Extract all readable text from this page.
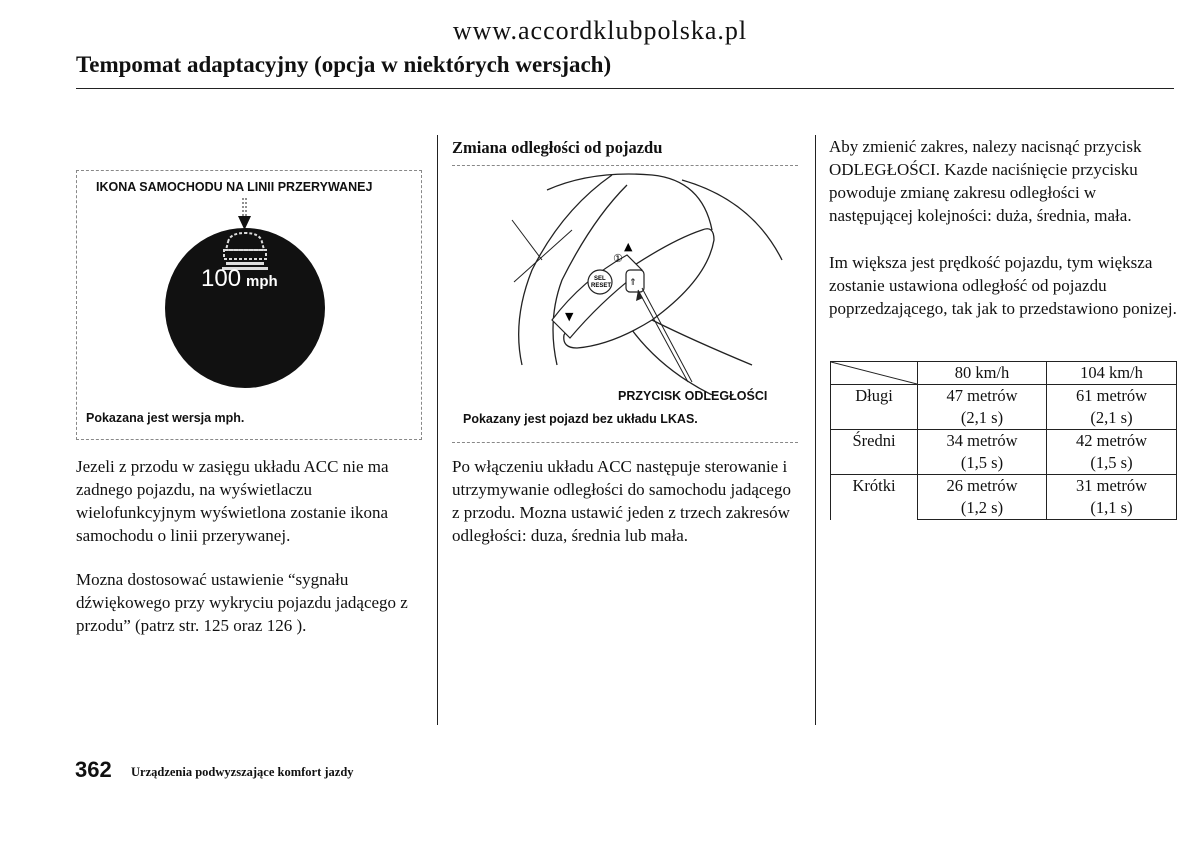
www.accordklubpolska.pl
Tempomat adaptacyjny (opcja w niektórych wersjach)
IKONA SAMOCHODU NA LINII PRZERYWANEJ
100 mph
Pokazana jest wersja mph.
Jezeli z przodu w zasięgu układu ACC nie ma zadnego pojazdu, na wyświetlaczu wielofunkcyjnym wyświetlona zostanie ikona samochodu o linii przerywanej.
Mozna dostosować ustawienie “sygnału dźwiękowego przy wykryciu pojazdu jadącego z przodu” (patrz str. 125 oraz 126 ).
Zmiana odległości od pojazdu
▲
▼
SEL
RESET
①
⇑
PRZYCISK ODLEGŁOŚCI
Pokazany jest pojazd bez układu LKAS.
Po włączeniu układu ACC następuje sterowanie i utrzymywanie odległości do samochodu jadącego z przodu. Mozna ustawić jeden z trzech zakresów odległości: duza, średnia lub mała.
Aby zmienić zakres, nalezy nacisnąć przycisk ODLEGŁOŚCI. Kazde naciśnięcie przycisku powoduje zmianę zakresu odległości w następującej kolejności: duża, średnia, mała.
Im większa jest prędkość pojazdu, tym większa zostanie ustawiona odległość od pojazdu poprzedzającego, tak jak to przedstawiono ponizej.
	80 km/h	104 km/h
Długi	47 metrów	61 metrów
	(2,1 s)	(2,1 s)
Średni	34 metrów	42 metrów
	(1,5 s)	(1,5 s)
Krótki	26 metrów	31 metrów
	(1,2 s)	(1,1 s)
362 Urządzenia podwyzszające komfort jazdy
